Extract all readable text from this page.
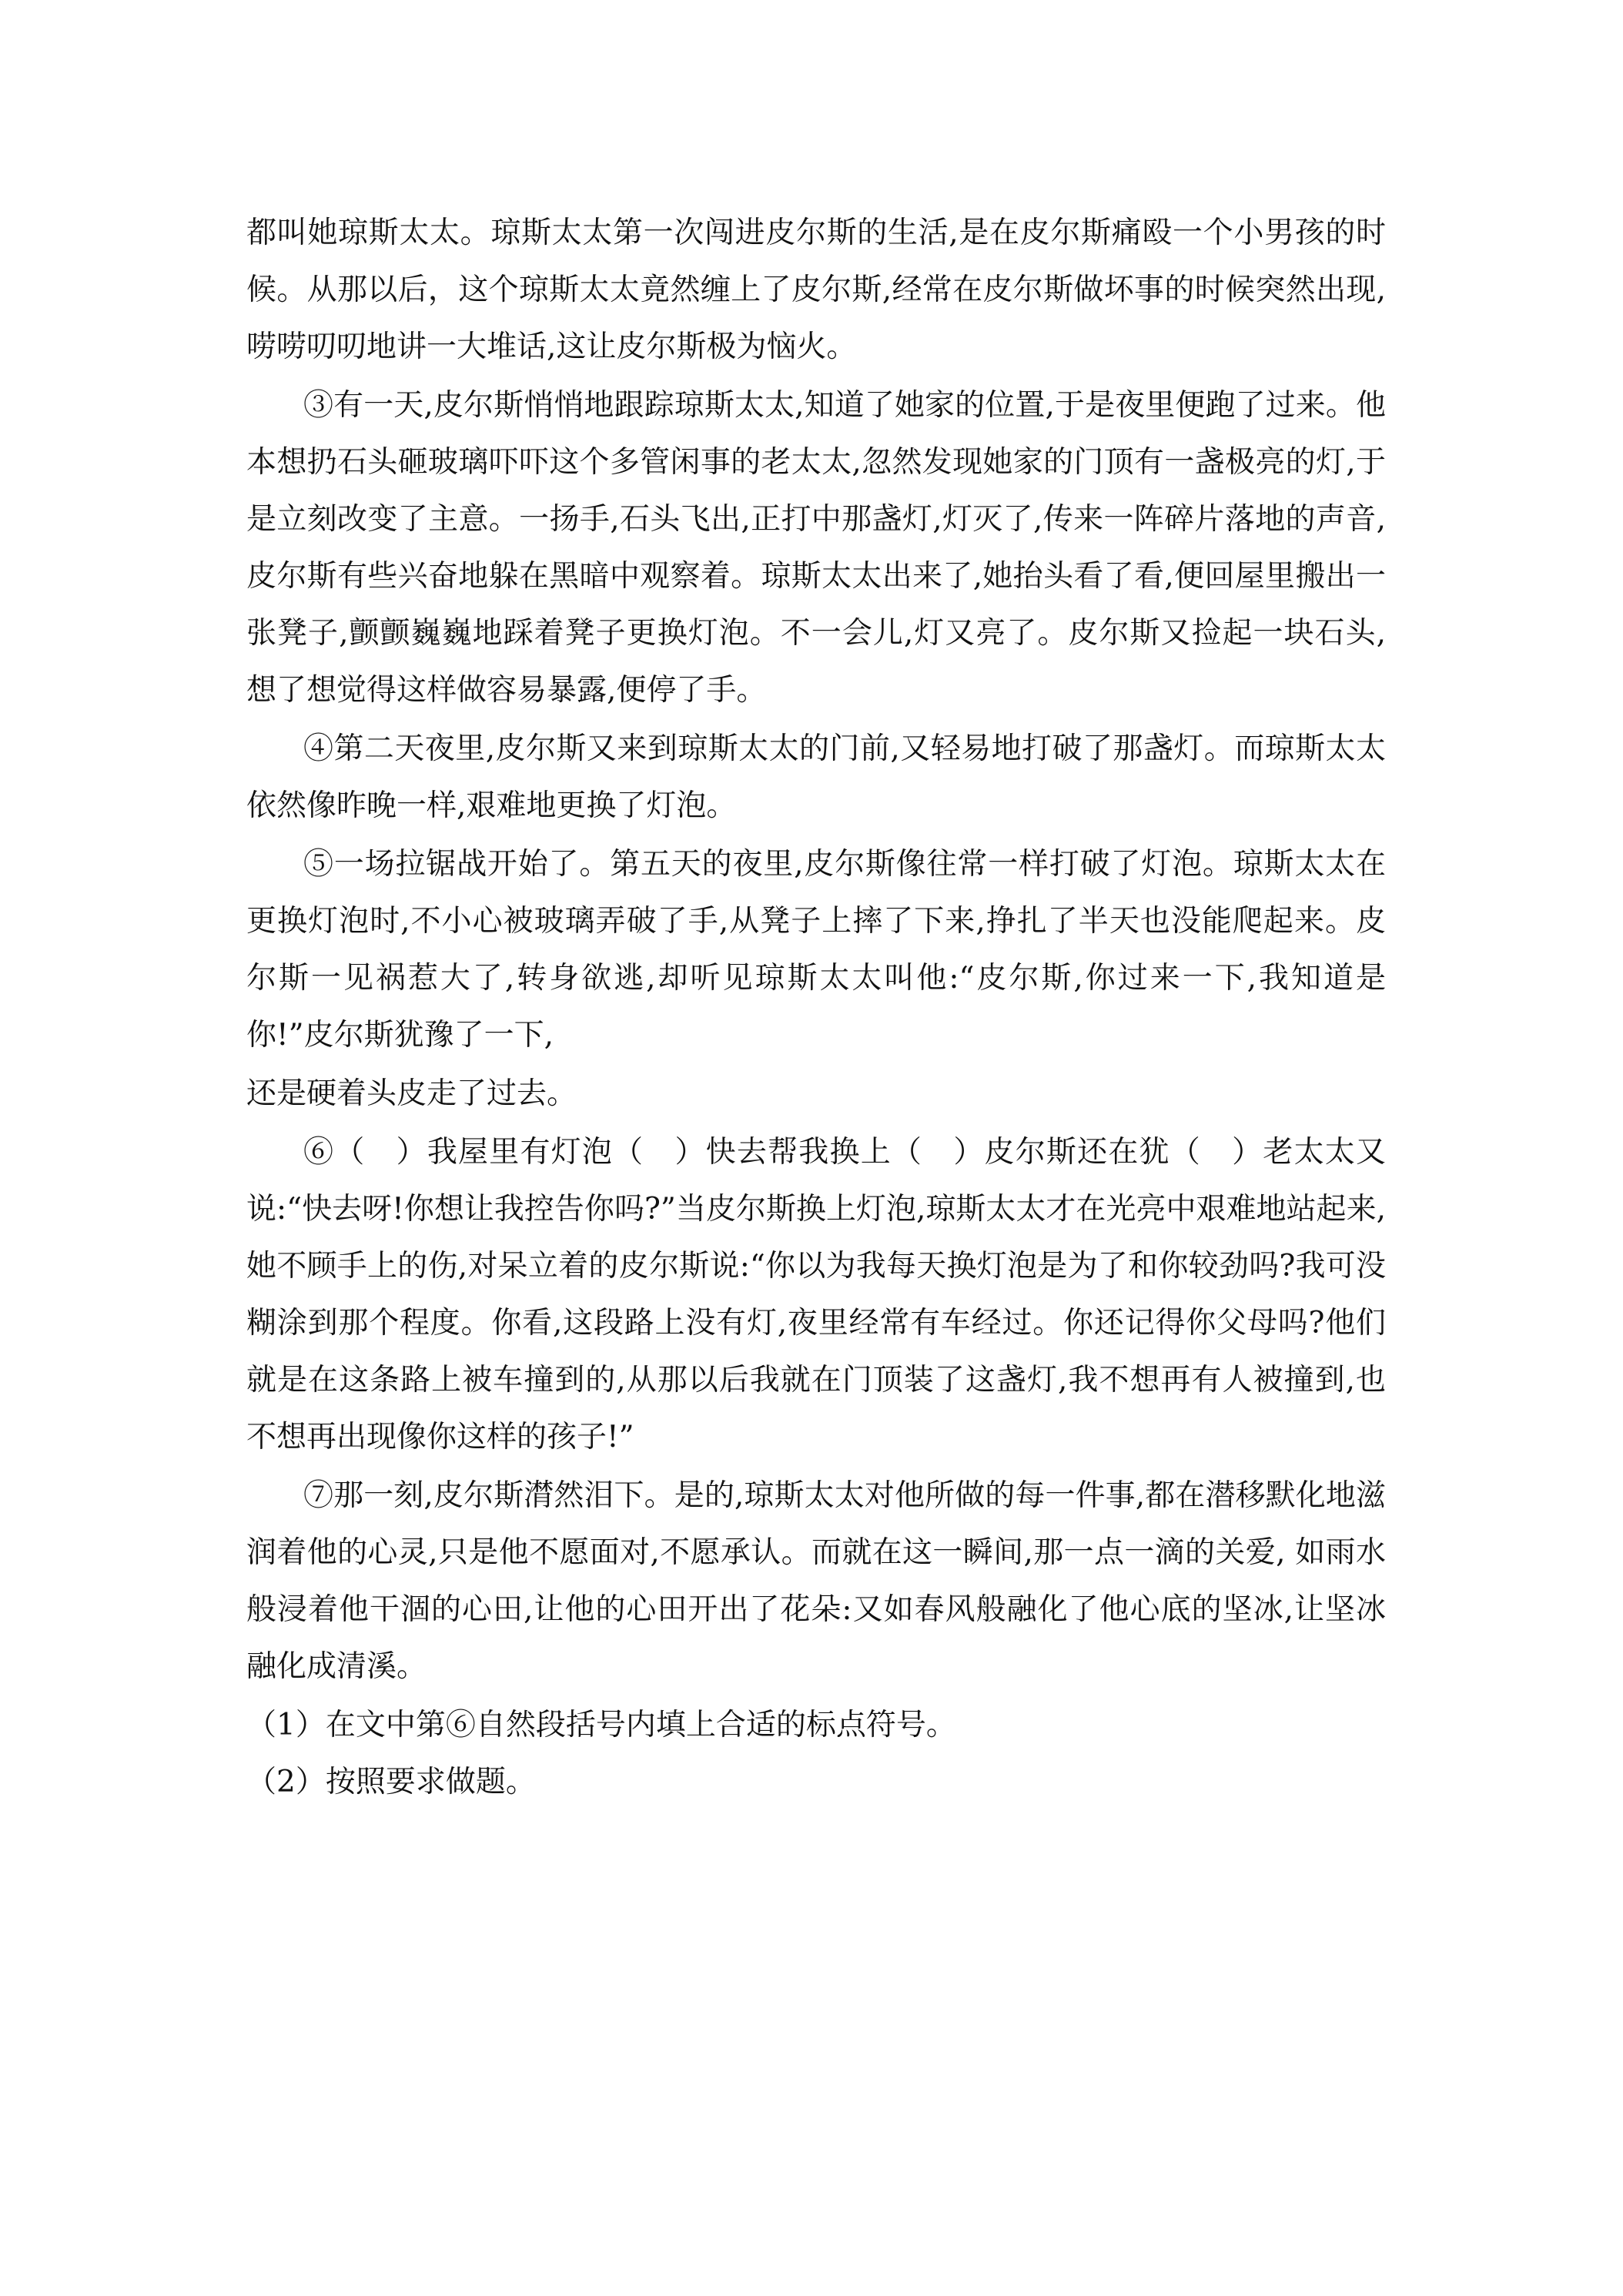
都叫她琼斯太太。琼斯太太第一次闯进皮尔斯的生活,是在皮尔斯痛殴一个小男孩的时候。从那以后，这个琼斯太太竟然缠上了皮尔斯,经常在皮尔斯做坏事的时候突然出现,唠唠叨叨地讲一大堆话,这让皮尔斯极为恼火。

③有一天,皮尔斯悄悄地跟踪琼斯太太,知道了她家的位置,于是夜里便跑了过来。他本想扔石头砸玻璃吓吓这个多管闲事的老太太,忽然发现她家的门顶有一盏极亮的灯,于是立刻改变了主意。一扬手,石头飞出,正打中那盏灯,灯灭了,传来一阵碎片落地的声音,皮尔斯有些兴奋地躲在黑暗中观察着。琼斯太太出来了,她抬头看了看,便回屋里搬出一张凳子,颤颤巍巍地踩着凳子更换灯泡。不一会儿,灯又亮了。皮尔斯又捡起一块石头,想了想觉得这样做容易暴露,便停了手。

④第二天夜里,皮尔斯又来到琼斯太太的门前,又轻易地打破了那盏灯。而琼斯太太依然像昨晚一样,艰难地更换了灯泡。

⑤一场拉锯战开始了。第五天的夜里,皮尔斯像往常一样打破了灯泡。琼斯太太在更换灯泡时,不小心被玻璃弄破了手,从凳子上摔了下来,挣扎了半天也没能爬起来。皮尔斯一见祸惹大了,转身欲逃,却听见琼斯太太叫他:“皮尔斯,你过来一下,我知道是你!”皮尔斯犹豫了一下,

还是硬着头皮走了过去。

⑥（　）我屋里有灯泡（　）快去帮我换上（　）皮尔斯还在犹（　）老太太又说:“快去呀!你想让我控告你吗?”当皮尔斯换上灯泡,琼斯太太才在光亮中艰难地站起来,她不顾手上的伤,对呆立着的皮尔斯说:“你以为我每天换灯泡是为了和你较劲吗?我可没糊涂到那个程度。你看,这段路上没有灯,夜里经常有车经过。你还记得你父母吗?他们就是在这条路上被车撞到的,从那以后我就在门顶装了这盏灯,我不想再有人被撞到,也不想再出现像你这样的孩子!”

⑦那一刻,皮尔斯潸然泪下。是的,琼斯太太对他所做的每一件事,都在潜移默化地滋润着他的心灵,只是他不愿面对,不愿承认。而就在这一瞬间,那一点一滴的关爱, 如雨水般浸着他干涸的心田,让他的心田开出了花朵:又如春风般融化了他心底的坚冰,让坚冰融化成清溪。

（1）在文中第⑥自然段括号内填上合适的标点符号。

（2）按照要求做题。
